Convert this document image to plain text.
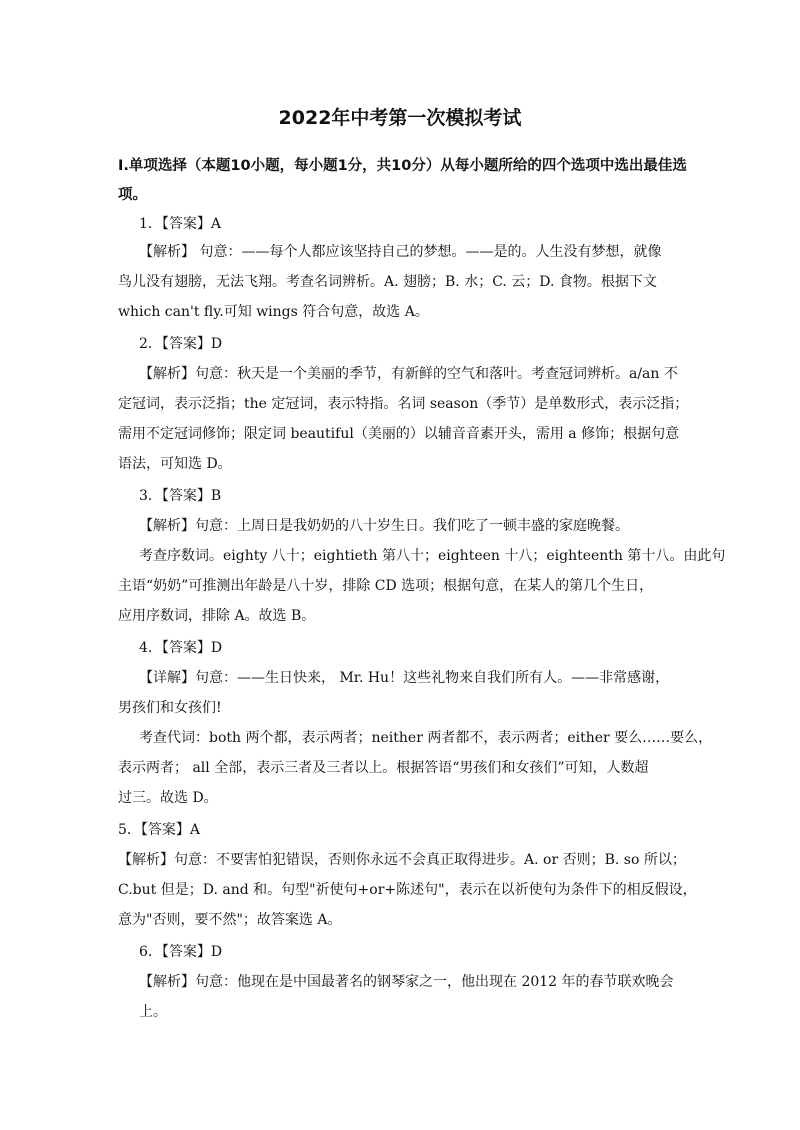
2022年中考第一次模拟考试
I.单项选择（本题10小题，每小题1分，共10分）从每小题所给的四个选项中选出最佳选项。
1．【答案】A
【解析】 句意：——每个人都应该坚持自己的梦想。——是的。人生没有梦想，就像
鸟儿没有翅膀，无法飞翔。考查名词辨析。A. 翅膀；B. 水；C. 云；D. 食物。根据下文
which can't fly.可知 wings 符合句意，故选 A。
2．【答案】D
【解析】句意：秋天是一个美丽的季节，有新鲜的空气和落叶。考查冠词辨析。a/an 不
定冠词，表示泛指；the 定冠词，表示特指。名词 season（季节）是单数形式，表示泛指；
需用不定冠词修饰；限定词 beautiful（美丽的）以辅音音素开头，需用 a 修饰；根据句意
语法，可知选 D。
3．【答案】B
【解析】句意：上周日是我奶奶的八十岁生日。我们吃了一顿丰盛的家庭晚餐。
考查序数词。eighty 八十；eightieth 第八十；eighteen 十八；eighteenth 第十八。由此句
主语“奶奶”可推测出年龄是八十岁，排除 CD 选项；根据句意，在某人的第几个生日，
应用序数词，排除 A。故选 B。
4．【答案】D
【详解】句意：——生日快来， Mr. Hu！这些礼物来自我们所有人。——非常感谢，
男孩们和女孩们!
考查代词：both 两个都，表示两者；neither 两者都不，表示两者；either 要么……要么，
表示两者； all 全部，表示三者及三者以上。根据答语“男孩们和女孩们”可知，人数超
过三。故选 D。
5．【答案】A
【解析】句意：不要害怕犯错误，否则你永远不会真正取得进步。A. or 否则；B. so 所以；
C.but 但是；D. and 和。句型"祈使句+or+陈述句"，表示在以祈使句为条件下的相反假设，
意为"否则，要不然"；故答案选 A。
6．【答案】D
【解析】句意：他现在是中国最著名的钢琴家之一，他出现在 2012 年的春节联欢晚会
上。
